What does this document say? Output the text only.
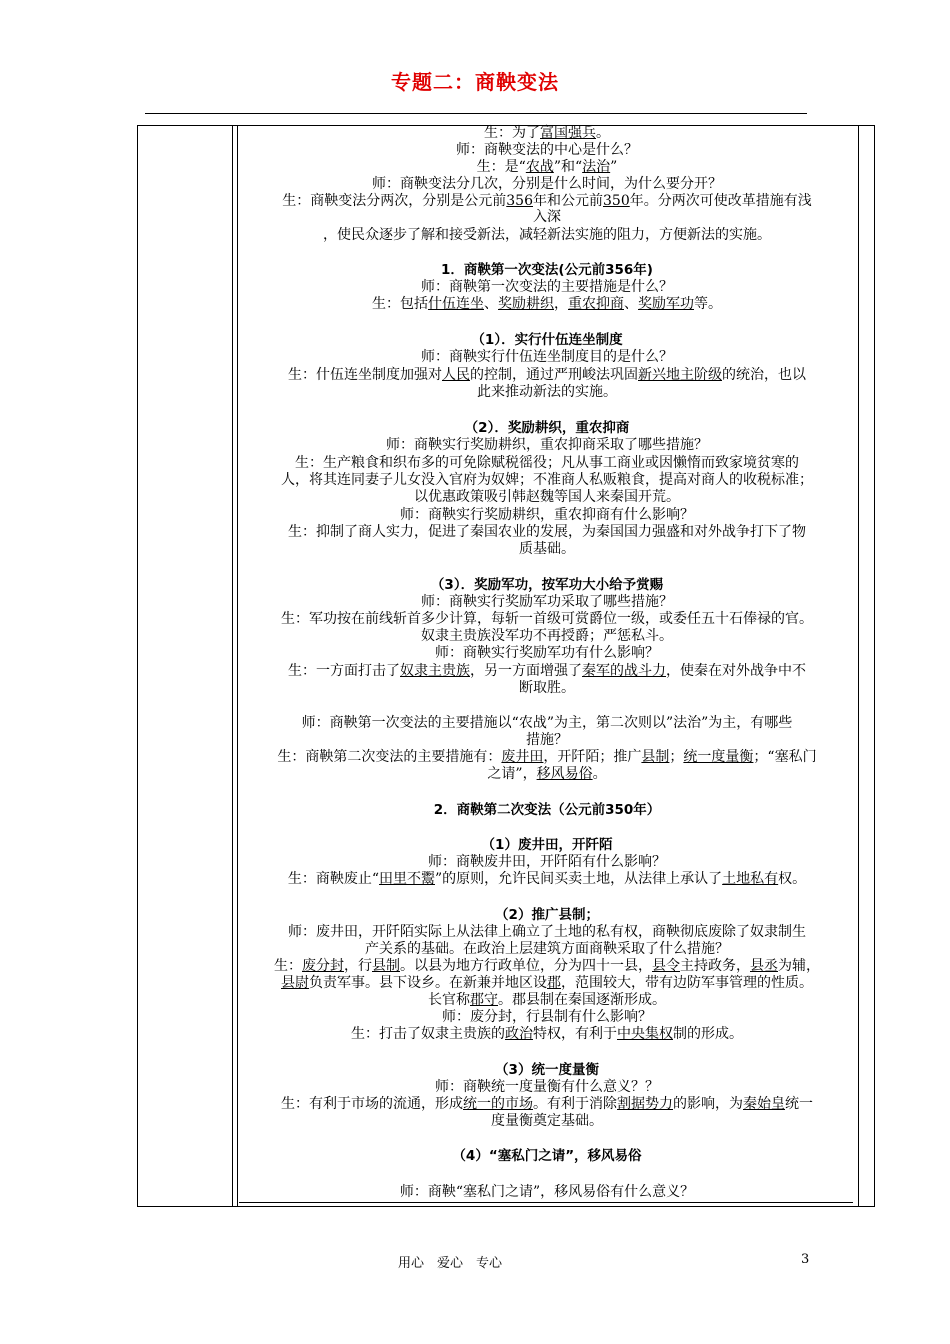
专题二：商鞅变法
生：为了富国强兵。
师：商鞅变法的中心是什么？
生：是“农战”和“法治”
师：商鞅变法分几次，分别是什么时间，为什么要分开？
生：商鞅变法分两次，分别是公元前356年和公元前350年。分两次可使改革措施有浅
入深
，使民众逐步了解和接受新法，减轻新法实施的阻力，方便新法的实施。
1．商鞅第一次变法(公元前356年)
师：商鞅第一次变法的主要措施是什么？
生：包括什伍连坐、奖励耕织，重农抑商、奖励军功等。
（1）．实行什伍连坐制度
师：商鞅实行什伍连坐制度目的是什么？
生：什伍连坐制度加强对人民的控制，通过严刑峻法巩固新兴地主阶级的统治，也以
此来推动新法的实施。
（2）．奖励耕织，重农抑商
师：商鞅实行奖励耕织，重农抑商采取了哪些措施？
生：生产粮食和织布多的可免除赋税徭役；凡从事工商业或因懒惰而致家境贫寒的
人，将其连同妻子儿女没入官府为奴婢；不准商人私贩粮食，提高对商人的收税标准；
以优惠政策吸引韩赵魏等国人来秦国开荒。
师：商鞅实行奖励耕织，重农抑商有什么影响？
生：抑制了商人实力，促进了秦国农业的发展，为秦国国力强盛和对外战争打下了物
质基础。
（3）．奖励军功，按军功大小给予赏赐
师：商鞅实行奖励军功采取了哪些措施？
生：军功按在前线斩首多少计算，每斩一首级可赏爵位一级，或委任五十石俸禄的官。
奴隶主贵族没军功不再授爵；严惩私斗。
师：商鞅实行奖励军功有什么影响？
生：一方面打击了奴隶主贵族，另一方面增强了秦军的战斗力，使秦在对外战争中不
断取胜。
师：商鞅第一次变法的主要措施以“农战”为主，第二次则以”法治”为主，有哪些
措施？
生：商鞅第二次变法的主要措施有：废井田，开阡陌；推广县制；统一度量衡；“塞私门
之请”，移风易俗。
2．商鞅第二次变法（公元前350年）
（1）废井田，开阡陌
师：商鞅废井田，开阡陌有什么影响？
生：商鞅废止“田里不鬻”的原则，允许民间买卖土地，从法律上承认了土地私有权。
（2）推广县制；
师：废井田，开阡陌实际上从法律上确立了土地的私有权，商鞅彻底废除了奴隶制生
产关系的基础。在政治上层建筑方面商鞅采取了什么措施？
生：废分封，行县制。以县为地方行政单位，分为四十一县，县令主持政务，县丞为辅，
县尉负责军事。县下设乡。在新兼并地区设郡，范围较大，带有边防军事管理的性质。
长官称郡守。郡县制在秦国逐渐形成。
师：废分封，行县制有什么影响？
生：打击了奴隶主贵族的政治特权，有利于中央集权制的形成。
（3）统一度量衡
师：商鞅统一度量衡有什么意义？？
生：有利于市场的流通，形成统一的市场。有利于消除割据势力的影响，为秦始皇统一
度量衡奠定基础。
（4）“塞私门之请”，移风易俗
师：商鞅“塞私门之请”，移风易俗有什么意义？
用心　爱心　专心	3
